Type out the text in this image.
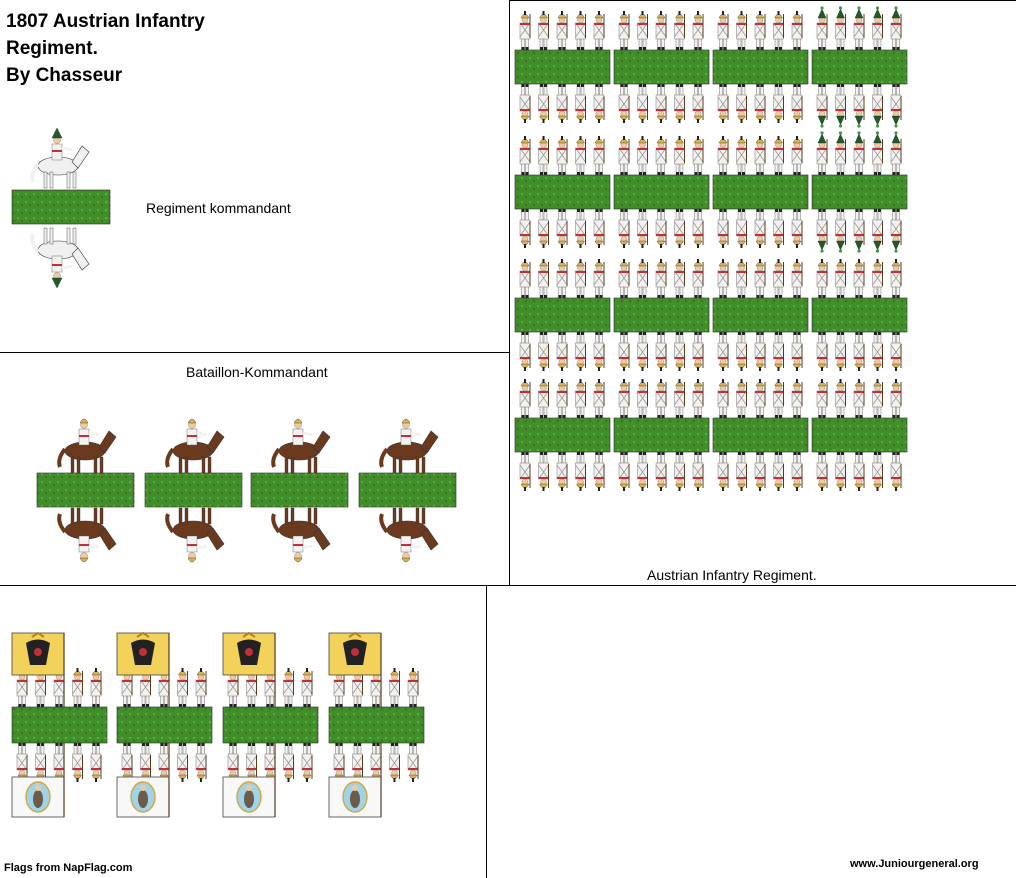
1807 Austrian Infantry
Regiment.
By Chasseur
Regiment kommandant
Bataillon-Kommandant
Austrian Infantry Regiment.
Flags from NapFlag.com	www.Juniourgeneral.org
